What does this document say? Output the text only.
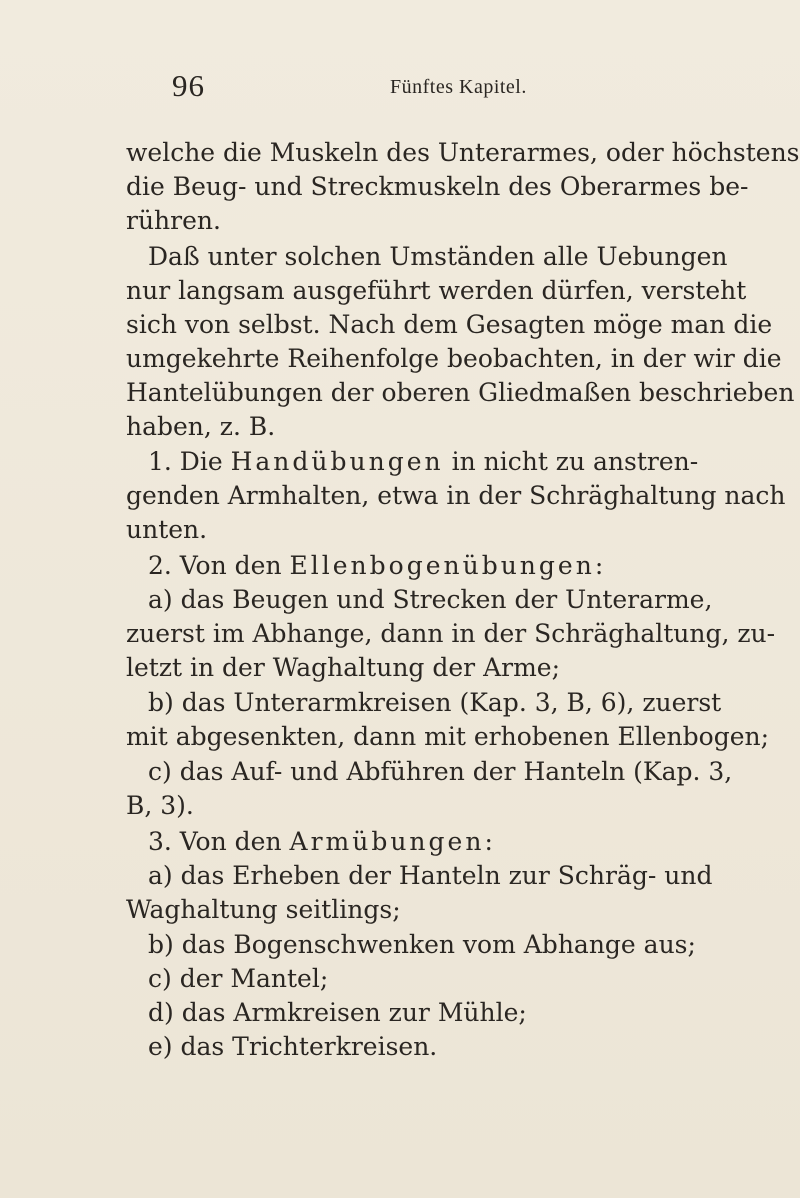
96	Fünftes Kapitel.
welche die Muskeln des Unterarmes, oder höchstens
die Beug- und Streckmuskeln des Oberarmes be-
rühren.
Daß unter solchen Umständen alle Uebungen
nur langsam ausgeführt werden dürfen, versteht
sich von selbst. Nach dem Gesagten möge man die
umgekehrte Reihenfolge beobachten, in der wir die
Hantelübungen der oberen Gliedmaßen beschrieben
haben, z. B.
1. Die Handübungen in nicht zu anstren-
genden Armhalten, etwa in der Schräghaltung nach
unten.
2. Von den Ellenbogenübungen:
a) das Beugen und Strecken der Unterarme,
zuerst im Abhange, dann in der Schräghaltung, zu-
letzt in der Waghaltung der Arme;
b) das Unterarmkreisen (Kap. 3, B, 6), zuerst
mit abgesenkten, dann mit erhobenen Ellenbogen;
c) das Auf- und Abführen der Hanteln (Kap. 3,
B, 3).
3. Von den Armübungen:
a) das Erheben der Hanteln zur Schräg- und
Waghaltung seitlings;
b) das Bogenschwenken vom Abhange aus;
c) der Mantel;
d) das Armkreisen zur Mühle;
e) das Trichterkreisen.
